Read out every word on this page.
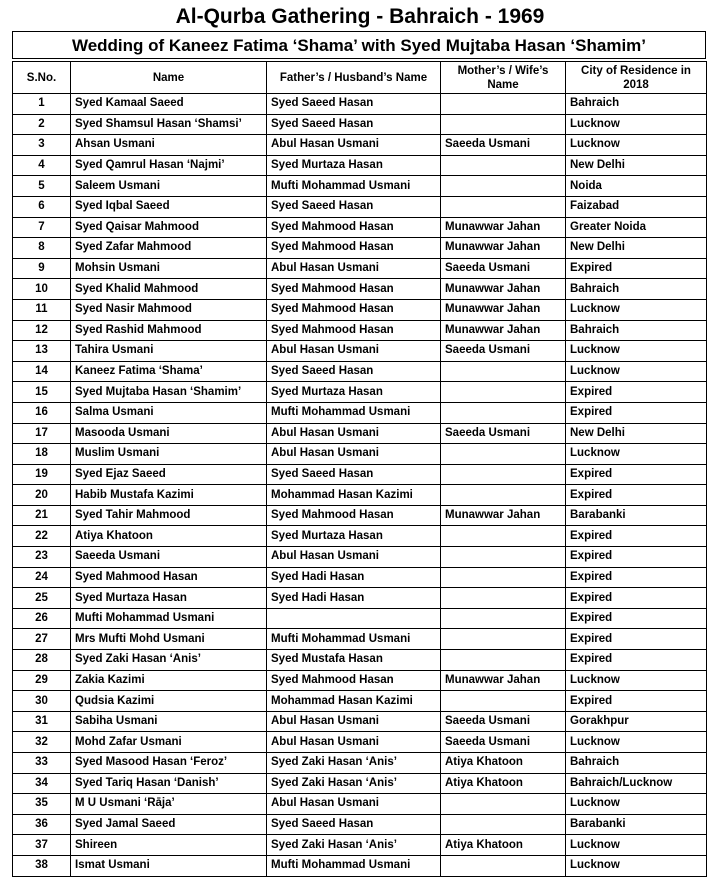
Al-Qurba Gathering - Bahraich - 1969
Wedding of Kaneez Fatima ‘Shama’ with Syed Mujtaba Hasan ‘Shamim’
S.No.	Name	Father’s / Husband’s Name	Mother’s / Wife’s Name	City of Residence in 2018
1	Syed Kamaal Saeed	Syed Saeed Hasan		Bahraich
2	Syed Shamsul Hasan ‘Shamsi’	Syed Saeed Hasan		Lucknow
3	Ahsan Usmani	Abul Hasan Usmani	Saeeda Usmani	Lucknow
4	Syed Qamrul Hasan ‘Najmi’	Syed Murtaza Hasan		New Delhi
5	Saleem Usmani	Mufti Mohammad Usmani		Noida
6	Syed Iqbal Saeed	Syed Saeed Hasan		Faizabad
7	Syed Qaisar Mahmood	Syed Mahmood Hasan	Munawwar Jahan	Greater Noida
8	Syed Zafar Mahmood	Syed Mahmood Hasan	Munawwar Jahan	New Delhi
9	Mohsin Usmani	Abul Hasan Usmani	Saeeda Usmani	Expired
10	Syed Khalid Mahmood	Syed Mahmood Hasan	Munawwar Jahan	Bahraich
11	Syed Nasir Mahmood	Syed Mahmood Hasan	Munawwar Jahan	Lucknow
12	Syed Rashid Mahmood	Syed Mahmood Hasan	Munawwar Jahan	Bahraich
13	Tahira Usmani	Abul Hasan Usmani	Saeeda Usmani	Lucknow
14	Kaneez Fatima ‘Shama’	Syed Saeed Hasan		Lucknow
15	Syed Mujtaba Hasan ‘Shamim’	Syed Murtaza Hasan		Expired
16	Salma Usmani	Mufti Mohammad Usmani		Expired
17	Masooda Usmani	Abul Hasan Usmani	Saeeda Usmani	New Delhi
18	Muslim Usmani	Abul Hasan Usmani		Lucknow
19	Syed Ejaz Saeed	Syed Saeed Hasan		Expired
20	Habib Mustafa Kazimi	Mohammad Hasan Kazimi		Expired
21	Syed Tahir Mahmood	Syed Mahmood Hasan	Munawwar Jahan	Barabanki
22	Atiya Khatoon	Syed Murtaza Hasan		Expired
23	Saeeda Usmani	Abul Hasan Usmani		Expired
24	Syed Mahmood Hasan	Syed Hadi Hasan		Expired
25	Syed Murtaza Hasan	Syed Hadi Hasan		Expired
26	Mufti Mohammad Usmani			Expired
27	Mrs Mufti Mohd Usmani	Mufti Mohammad Usmani		Expired
28	Syed Zaki Hasan ‘Anis’	Syed Mustafa Hasan		Expired
29	Zakia Kazimi	Syed Mahmood Hasan	Munawwar Jahan	Lucknow
30	Qudsia Kazimi	Mohammad Hasan Kazimi		Expired
31	Sabiha Usmani	Abul Hasan Usmani	Saeeda Usmani	Gorakhpur
32	Mohd Zafar Usmani	Abul Hasan Usmani	Saeeda Usmani	Lucknow
33	Syed Masood Hasan ‘Feroz’	Syed Zaki Hasan ‘Anis’	Atiya Khatoon	Bahraich
34	Syed Tariq Hasan ‘Danish’	Syed Zaki Hasan ‘Anis’	Atiya Khatoon	Bahraich/Lucknow
35	M U Usmani ‘Rāja’	Abul Hasan Usmani		Lucknow
36	Syed Jamal Saeed	Syed Saeed Hasan		Barabanki
37	Shireen	Syed Zaki Hasan ‘Anis’	Atiya Khatoon	Lucknow
38	Ismat Usmani	Mufti Mohammad Usmani		Lucknow
